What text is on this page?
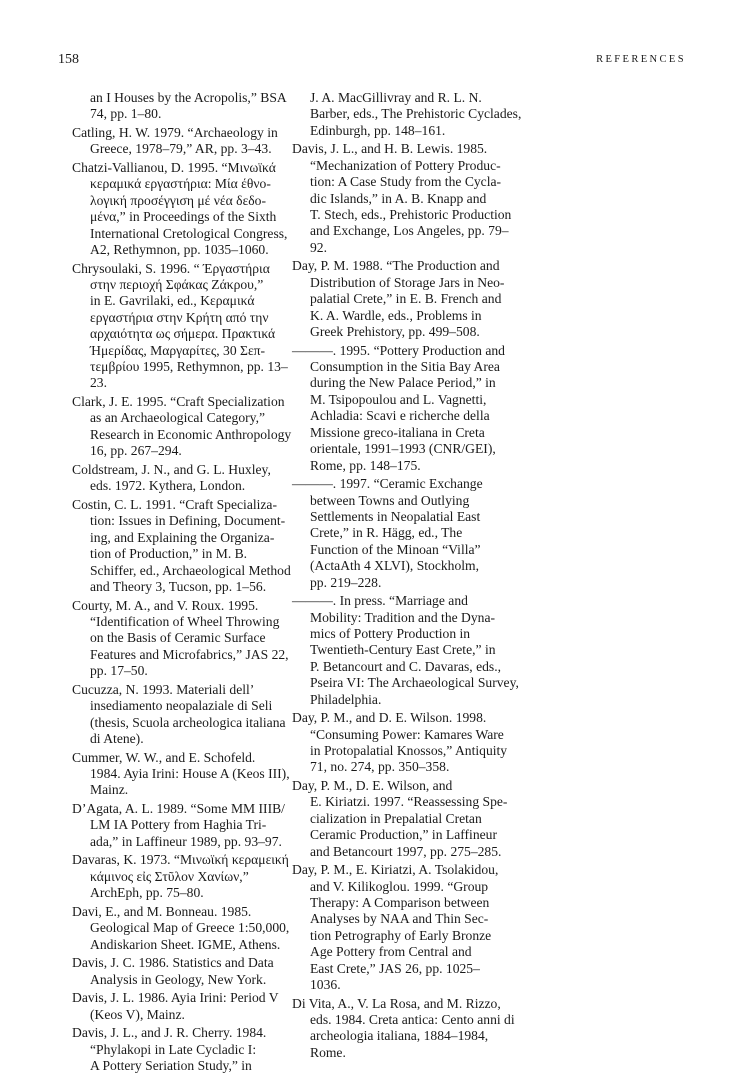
158	REFERENCES
an I Houses by the Acropolis,” BSA
74, pp. 1–80.
Catling, H. W. 1979. “Archaeology in
Greece, 1978–79,” AR, pp. 3–43.
Chatzi-Vallianou, D. 1995. “Μινωϊκά
κεραμικά εργαστήρια: Μία έθνο-
λογική προσέγγιση μέ νέα δεδο-
μένα,” in Proceedings of the Sixth
International Cretological Congress,
A2, Rethymnon, pp. 1035–1060.
Chrysoulaki, S. 1996. “ Έργαστήρια
στην περιοχή Σφάκας Ζάκρου,”
in E. Gavrilaki, ed., Κεραμικά
εργαστήρια στην Κρήτη από την
αρχαιότητα ως σήμερα. Πρακτικά
Ήμερίδας, Μαργαρίτες, 30 Σεπ-
τεμβρίου 1995, Rethymnon, pp. 13–
23.
Clark, J. E. 1995. “Craft Specialization
as an Archaeological Category,”
Research in Economic Anthropology
16, pp. 267–294.
Coldstream, J. N., and G. L. Huxley,
eds. 1972. Kythera, London.
Costin, C. L. 1991. “Craft Specializa-
tion: Issues in Defining, Document-
ing, and Explaining the Organiza-
tion of Production,” in M. B.
Schiffer, ed., Archaeological Method
and Theory 3, Tucson, pp. 1–56.
Courty, M. A., and V. Roux. 1995.
“Identification of Wheel Throwing
on the Basis of Ceramic Surface
Features and Microfabrics,” JAS 22,
pp. 17–50.
Cucuzza, N. 1993. Materiali dell’
insediamento neopalaziale di Seli
(thesis, Scuola archeologica italiana
di Atene).
Cummer, W. W., and E. Schofeld.
1984. Ayia Irini: House A (Keos III),
Mainz.
D’Agata, A. L. 1989. “Some MM IIIB/
LM IA Pottery from Haghia Tri-
ada,” in Laffineur 1989, pp. 93–97.
Davaras, K. 1973. “Μινωϊκή κεραμεική
κάμινος εἰς Στῦλον Χανίων,”
ArchEph, pp. 75–80.
Davi, E., and M. Bonneau. 1985.
Geological Map of Greece 1:50,000,
Andiskarion Sheet. IGME, Athens.
Davis, J. C. 1986. Statistics and Data
Analysis in Geology, New York.
Davis, J. L. 1986. Ayia Irini: Period V
(Keos V), Mainz.
Davis, J. L., and J. R. Cherry. 1984.
“Phylakopi in Late Cycladic I:
A Pottery Seriation Study,” in
J. A. MacGillivray and R. L. N.
Barber, eds., The Prehistoric Cyclades,
Edinburgh, pp. 148–161.
Davis, J. L., and H. B. Lewis. 1985.
“Mechanization of Pottery Produc-
tion: A Case Study from the Cycla-
dic Islands,” in A. B. Knapp and
T. Stech, eds., Prehistoric Production
and Exchange, Los Angeles, pp. 79–
92.
Day, P. M. 1988. “The Production and
Distribution of Storage Jars in Neo-
palatial Crete,” in E. B. French and
K. A. Wardle, eds., Problems in
Greek Prehistory, pp. 499–508.
———. 1995. “Pottery Production and
Consumption in the Sitia Bay Area
during the New Palace Period,” in
M. Tsipopoulou and L. Vagnetti,
Achladia: Scavi e richerche della
Missione greco-italiana in Creta
orientale, 1991–1993 (CNR/GEI),
Rome, pp. 148–175.
———. 1997. “Ceramic Exchange
between Towns and Outlying
Settlements in Neopalatial East
Crete,” in R. Hägg, ed., The
Function of the Minoan “Villa”
(ActaAth 4 XLVI), Stockholm,
pp. 219–228.
———. In press. “Marriage and
Mobility: Tradition and the Dyna-
mics of Pottery Production in
Twentieth-Century East Crete,” in
P. Betancourt and C. Davaras, eds.,
Pseira VI: The Archaeological Survey,
Philadelphia.
Day, P. M., and D. E. Wilson. 1998.
“Consuming Power: Kamares Ware
in Protopalatial Knossos,” Antiquity
71, no. 274, pp. 350–358.
Day, P. M., D. E. Wilson, and
E. Kiriatzi. 1997. “Reassessing Spe-
cialization in Prepalatial Cretan
Ceramic Production,” in Laffineur
and Betancourt 1997, pp. 275–285.
Day, P. M., E. Kiriatzi, A. Tsolakidou,
and V. Kilikoglou. 1999. “Group
Therapy: A Comparison between
Analyses by NAA and Thin Sec-
tion Petrography of Early Bronze
Age Pottery from Central and
East Crete,” JAS 26, pp. 1025–
1036.
Di Vita, A., V. La Rosa, and M. Rizzo,
eds. 1984. Creta antica: Cento anni di
archeologia italiana, 1884–1984,
Rome.
